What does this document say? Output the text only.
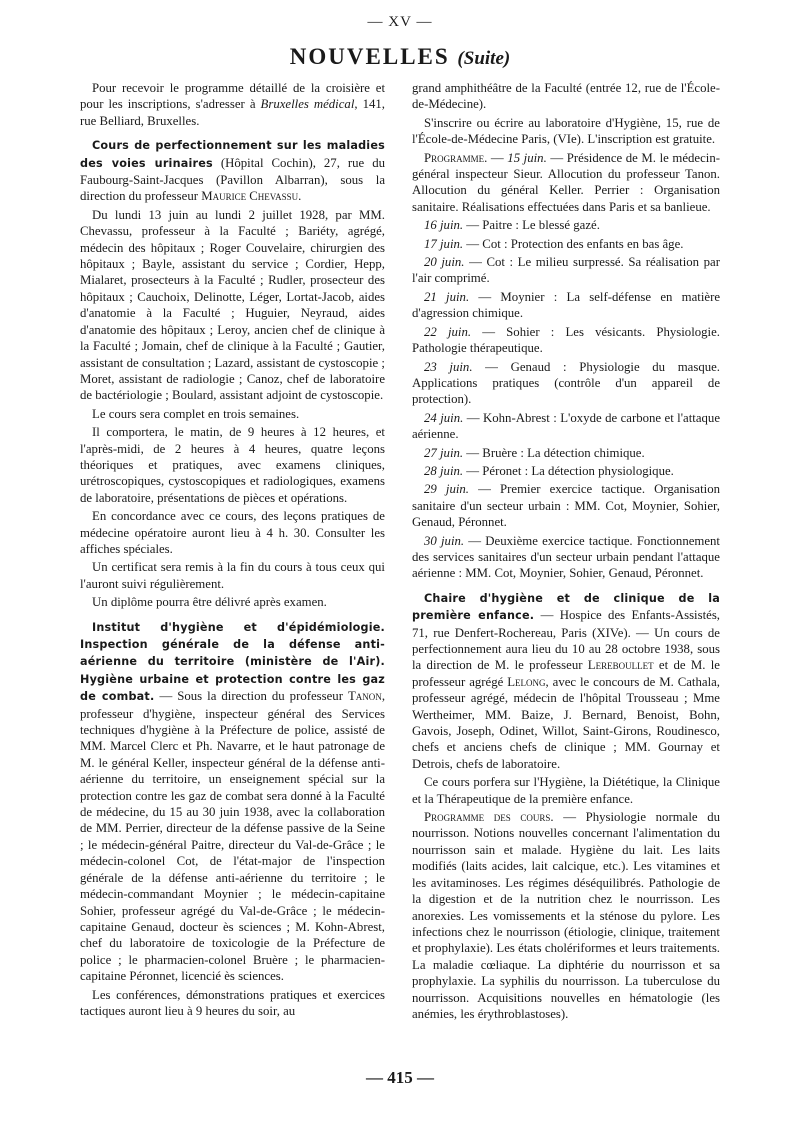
— XV —
NOUVELLES (Suite)

Pour recevoir le programme détaillé de la croisière et pour les inscriptions, s'adresser à Bruxelles médical, 141, rue Belliard, Bruxelles.

Cours de perfectionnement sur les maladies des voies urinaires (Hôpital Cochin), 27, rue du Faubourg-Saint-Jacques (Pavillon Albarran), sous la direction du professeur Maurice Chevassu.

Du lundi 13 juin au lundi 2 juillet 1928, par MM. Chevassu, professeur à la Faculté ; Bariéty, agrégé, médecin des hôpitaux ; Roger Couvelaire, chirurgien des hôpitaux ; Bayle, assistant du service ; Cordier, Hepp, Mialaret, prosecteurs à la Faculté ; Rudler, prosecteur des hôpitaux ; Cauchoix, Delinotte, Léger, Lortat-Jacob, aides d'anatomie à la Faculté ; Huguier, Neyraud, aides d'anatomie des hôpitaux ; Leroy, ancien chef de clinique à la Faculté ; Jomain, chef de clinique à la Faculté ; Gautier, assistant de consultation ; Lazard, assistant de cystoscopie ; Moret, assistant de radiologie ; Canoz, chef de laboratoire de bactériologie ; Boulard, assistant adjoint de cystoscopie.

Le cours sera complet en trois semaines.

Il comportera, le matin, de 9 heures à 12 heures, et l'après-midi, de 2 heures à 4 heures, quatre leçons théoriques et pratiques, avec examens cliniques, urétroscopiques, cystoscopiques et radiologiques, examens de laboratoire, présentations de pièces et opérations.

En concordance avec ce cours, des leçons pratiques de médecine opératoire auront lieu à 4 h. 30. Consulter les affiches spéciales.

Un certificat sera remis à la fin du cours à tous ceux qui l'auront suivi régulièrement.

Un diplôme pourra être délivré après examen.

Institut d'hygiène et d'épidémiologie. Inspection générale de la défense anti-aérienne du territoire (ministère de l'Air). Hygiène urbaine et protection contre les gaz de combat. — Sous la direction du professeur Tanon, professeur d'hygiène, inspecteur général des Services techniques d'hygiène à la Préfecture de police, assisté de MM. Marcel Clerc et Ph. Navarre, et le haut patronage de M. le général Keller, inspecteur général de la défense anti-aérienne du territoire, un enseignement spécial sur la protection contre les gaz de combat sera donné à la Faculté de médecine, du 15 au 30 juin 1938, avec la collaboration de MM. Perrier, directeur de la défense passive de la Seine ; le médecin-général Paitre, directeur du Val-de-Grâce ; le médecin-colonel Cot, de l'état-major de l'inspection générale de la défense anti-aérienne du territoire ; le médecin-commandant Moynier ; le médecin-capitaine Sohier, professeur agrégé du Val-de-Grâce ; le médecin-capitaine Genaud, docteur ès sciences ; M. Kohn-Abrest, chef du laboratoire de toxicologie de la Préfecture de police ; le pharmacien-colonel Bruère ; le pharmacien-capitaine Péronnet, licencié ès sciences.

Les conférences, démonstrations pratiques et exercices tactiques auront lieu à 9 heures du soir, au

grand amphithéâtre de la Faculté (entrée 12, rue de l'École-de-Médecine).

S'inscrire ou écrire au laboratoire d'Hygiène, 15, rue de l'École-de-Médecine Paris, (VIe). L'inscription est gratuite.

Programme. — 15 juin. — Présidence de M. le médecin-général inspecteur Sieur. Allocution du professeur Tanon. Allocution du général Keller. Perrier : Organisation sanitaire. Réalisations effectuées dans Paris et sa banlieue.

16 juin. — Paitre : Le blessé gazé.

17 juin. — Cot : Protection des enfants en bas âge.

20 juin. — Cot : Le milieu surpressé. Sa réalisation par l'air comprimé.

21 juin. — Moynier : La self-défense en matière d'agression chimique.

22 juin. — Sohier : Les vésicants. Physiologie. Pathologie thérapeutique.

23 juin. — Genaud : Physiologie du masque. Applications pratiques (contrôle d'un appareil de protection).

24 juin. — Kohn-Abrest : L'oxyde de carbone et l'attaque aérienne.

27 juin. — Bruère : La détection chimique.

28 juin. — Péronet : La détection physiologique.

29 juin. — Premier exercice tactique. Organisation sanitaire d'un secteur urbain : MM. Cot, Moynier, Sohier, Genaud, Péronnet.

30 juin. — Deuxième exercice tactique. Fonctionnement des services sanitaires d'un secteur urbain pendant l'attaque aérienne : MM. Cot, Moynier, Sohier, Genaud, Péronnet.

Chaire d'hygiène et de clinique de la première enfance. — Hospice des Enfants-Assistés, 71, rue Denfert-Rochereau, Paris (XIVe). — Un cours de perfectionnement aura lieu du 10 au 28 octobre 1938, sous la direction de M. le professeur Lereboullet et de M. le professeur agrégé Lelong, avec le concours de M. Cathala, professeur agrégé, médecin de l'hôpital Trousseau ; Mme Wertheimer, MM. Baize, J. Bernard, Benoist, Bohn, Gavois, Joseph, Odinet, Willot, Saint-Girons, Roudinesco, chefs et anciens chefs de clinique ; MM. Gournay et Detrois, chefs de laboratoire.

Ce cours porfera sur l'Hygiène, la Diététique, la Clinique et la Thérapeutique de la première enfance.

Programme des cours. — Physiologie normale du nourrisson. Notions nouvelles concernant l'alimentation du nourrisson sain et malade. Hygiène du lait. Les laits modifiés (laits acides, lait calcique, etc.). Les vitamines et les avitaminoses. Les régimes déséquilibrés. Pathologie de la digestion et de la nutrition chez le nourrisson. Les anorexies. Les vomissements et la sténose du pylore. Les infections chez le nourrisson (étiologie, clinique, traitement et prophylaxie). Les états cholériformes et leurs traitements. La maladie cœliaque. La diphtérie du nourrisson et sa prophylaxie. La syphilis du nourrisson. La tuberculose du nourrisson. Acquisitions nouvelles en hématologie (les anémies, les érythroblastoses).

— 415 —
